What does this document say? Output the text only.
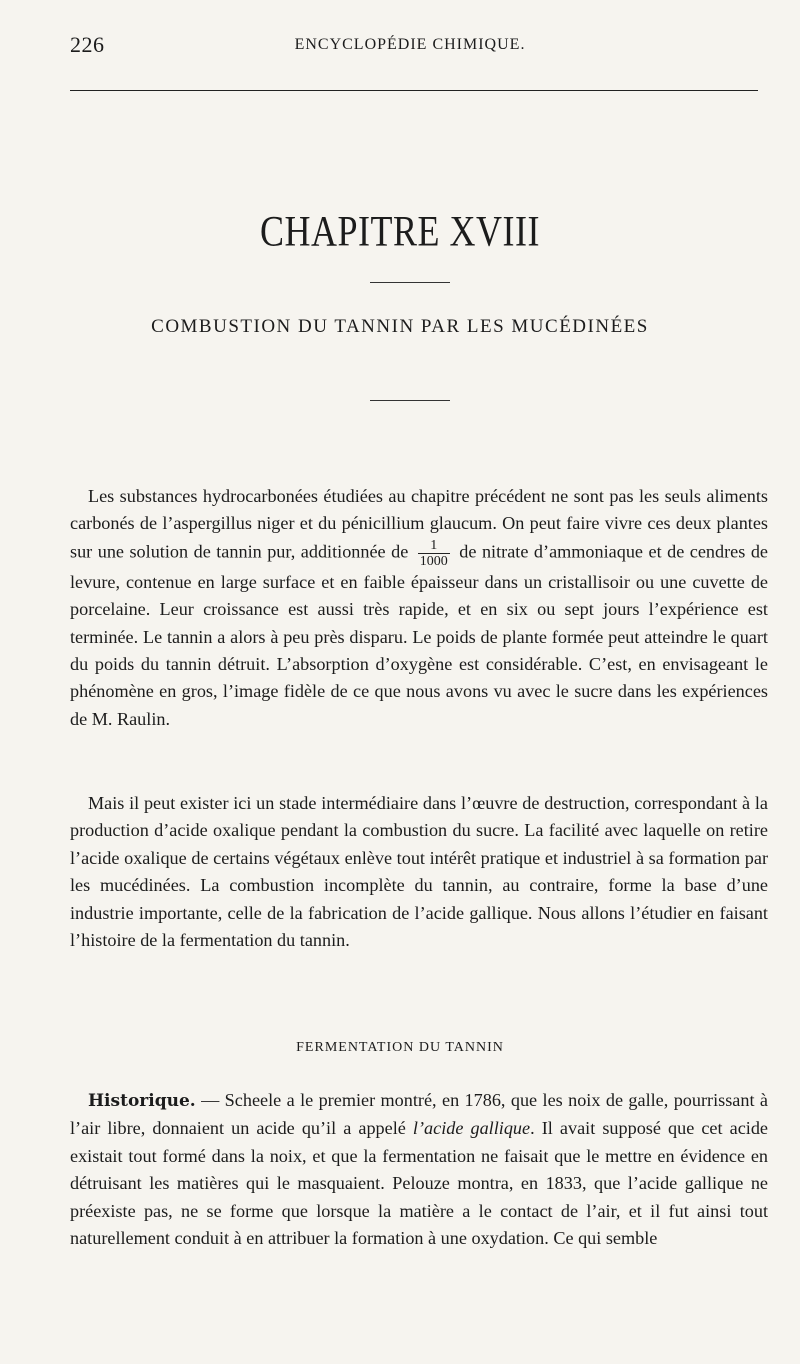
226	ENCYCLOPÉDIE CHIMIQUE.
CHAPITRE XVIII
COMBUSTION DU TANNIN PAR LES MUCÉDINÉES

Les substances hydrocarbonées étudiées au chapitre précédent ne sont pas les seuls aliments carbonés de l’aspergillus niger et du pénicillium glaucum. On peut faire vivre ces deux plantes sur une solution de tannin pur, additionnée de $\frac{1}{1000}$ de nitrate d’ammoniaque et de cendres de levure, contenue en large surface et en faible épaisseur dans un cristallisoir ou une cuvette de porcelaine. Leur croissance est aussi très rapide, et en six ou sept jours l’expérience est terminée. Le tannin a alors à peu près disparu. Le poids de plante formée peut atteindre le quart du poids du tannin détruit. L’absorption d’oxygène est considérable. C’est, en envisageant le phénomène en gros, l’image fidèle de ce que nous avons vu avec le sucre dans les expériences de M. Raulin.

Mais il peut exister ici un stade intermédiaire dans l’œuvre de destruction, correspondant à la production d’acide oxalique pendant la combustion du sucre. La facilité avec laquelle on retire l’acide oxalique de certains végétaux enlève tout intérêt pratique et industriel à sa formation par les mucédinées. La combustion incomplète du tannin, au contraire, forme la base d’une industrie importante, celle de la fabrication de l’acide gallique. Nous allons l’étudier en faisant l’histoire de la fermentation du tannin.

FERMENTATION DU TANNIN

Historique. — Scheele a le premier montré, en 1786, que les noix de galle, pourrissant à l’air libre, donnaient un acide qu’il a appelé l’acide gallique. Il avait supposé que cet acide existait tout formé dans la noix, et que la fermentation ne faisait que le mettre en évidence en détruisant les matières qui le masquaient. Pelouze montra, en 1833, que l’acide gallique ne préexiste pas, ne se forme que lorsque la matière a le contact de l’air, et il fut ainsi tout naturellement conduit à en attribuer la formation à une oxydation. Ce qui semble
